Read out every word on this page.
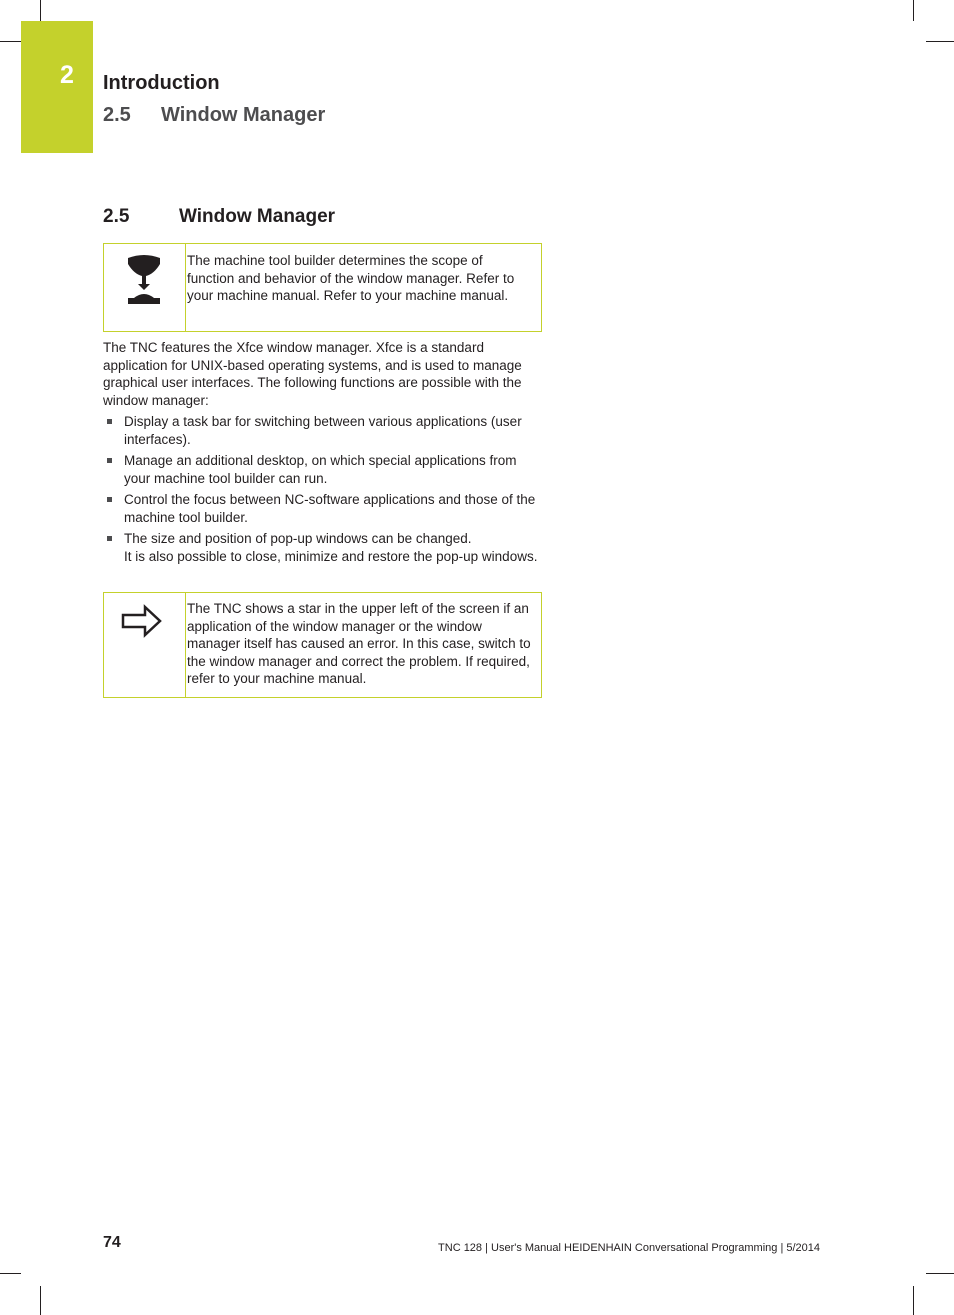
2	Introduction
2.5 Window Manager
2.5	Window Manager
The machine tool builder determines the scope of function and behavior of the window manager. Refer to your machine manual. Refer to your machine manual.
The TNC features the Xfce window manager. Xfce is a standard application for UNIX-based operating systems, and is used to manage graphical user interfaces. The following functions are possible with the window manager:
Display a task bar for switching between various applications (user interfaces).
Manage an additional desktop, on which special applications from your machine tool builder can run.
Control the focus between NC-software applications and those of the machine tool builder.
The size and position of pop-up windows can be changed.
It is also possible to close, minimize and restore the pop-up windows.
The TNC shows a star in the upper left of the screen if an application of the window manager or the window manager itself has caused an error. In this case, switch to the window manager and correct the problem. If required, refer to your machine manual.
74	TNC 128 | User's Manual HEIDENHAIN Conversational Programming | 5/2014
